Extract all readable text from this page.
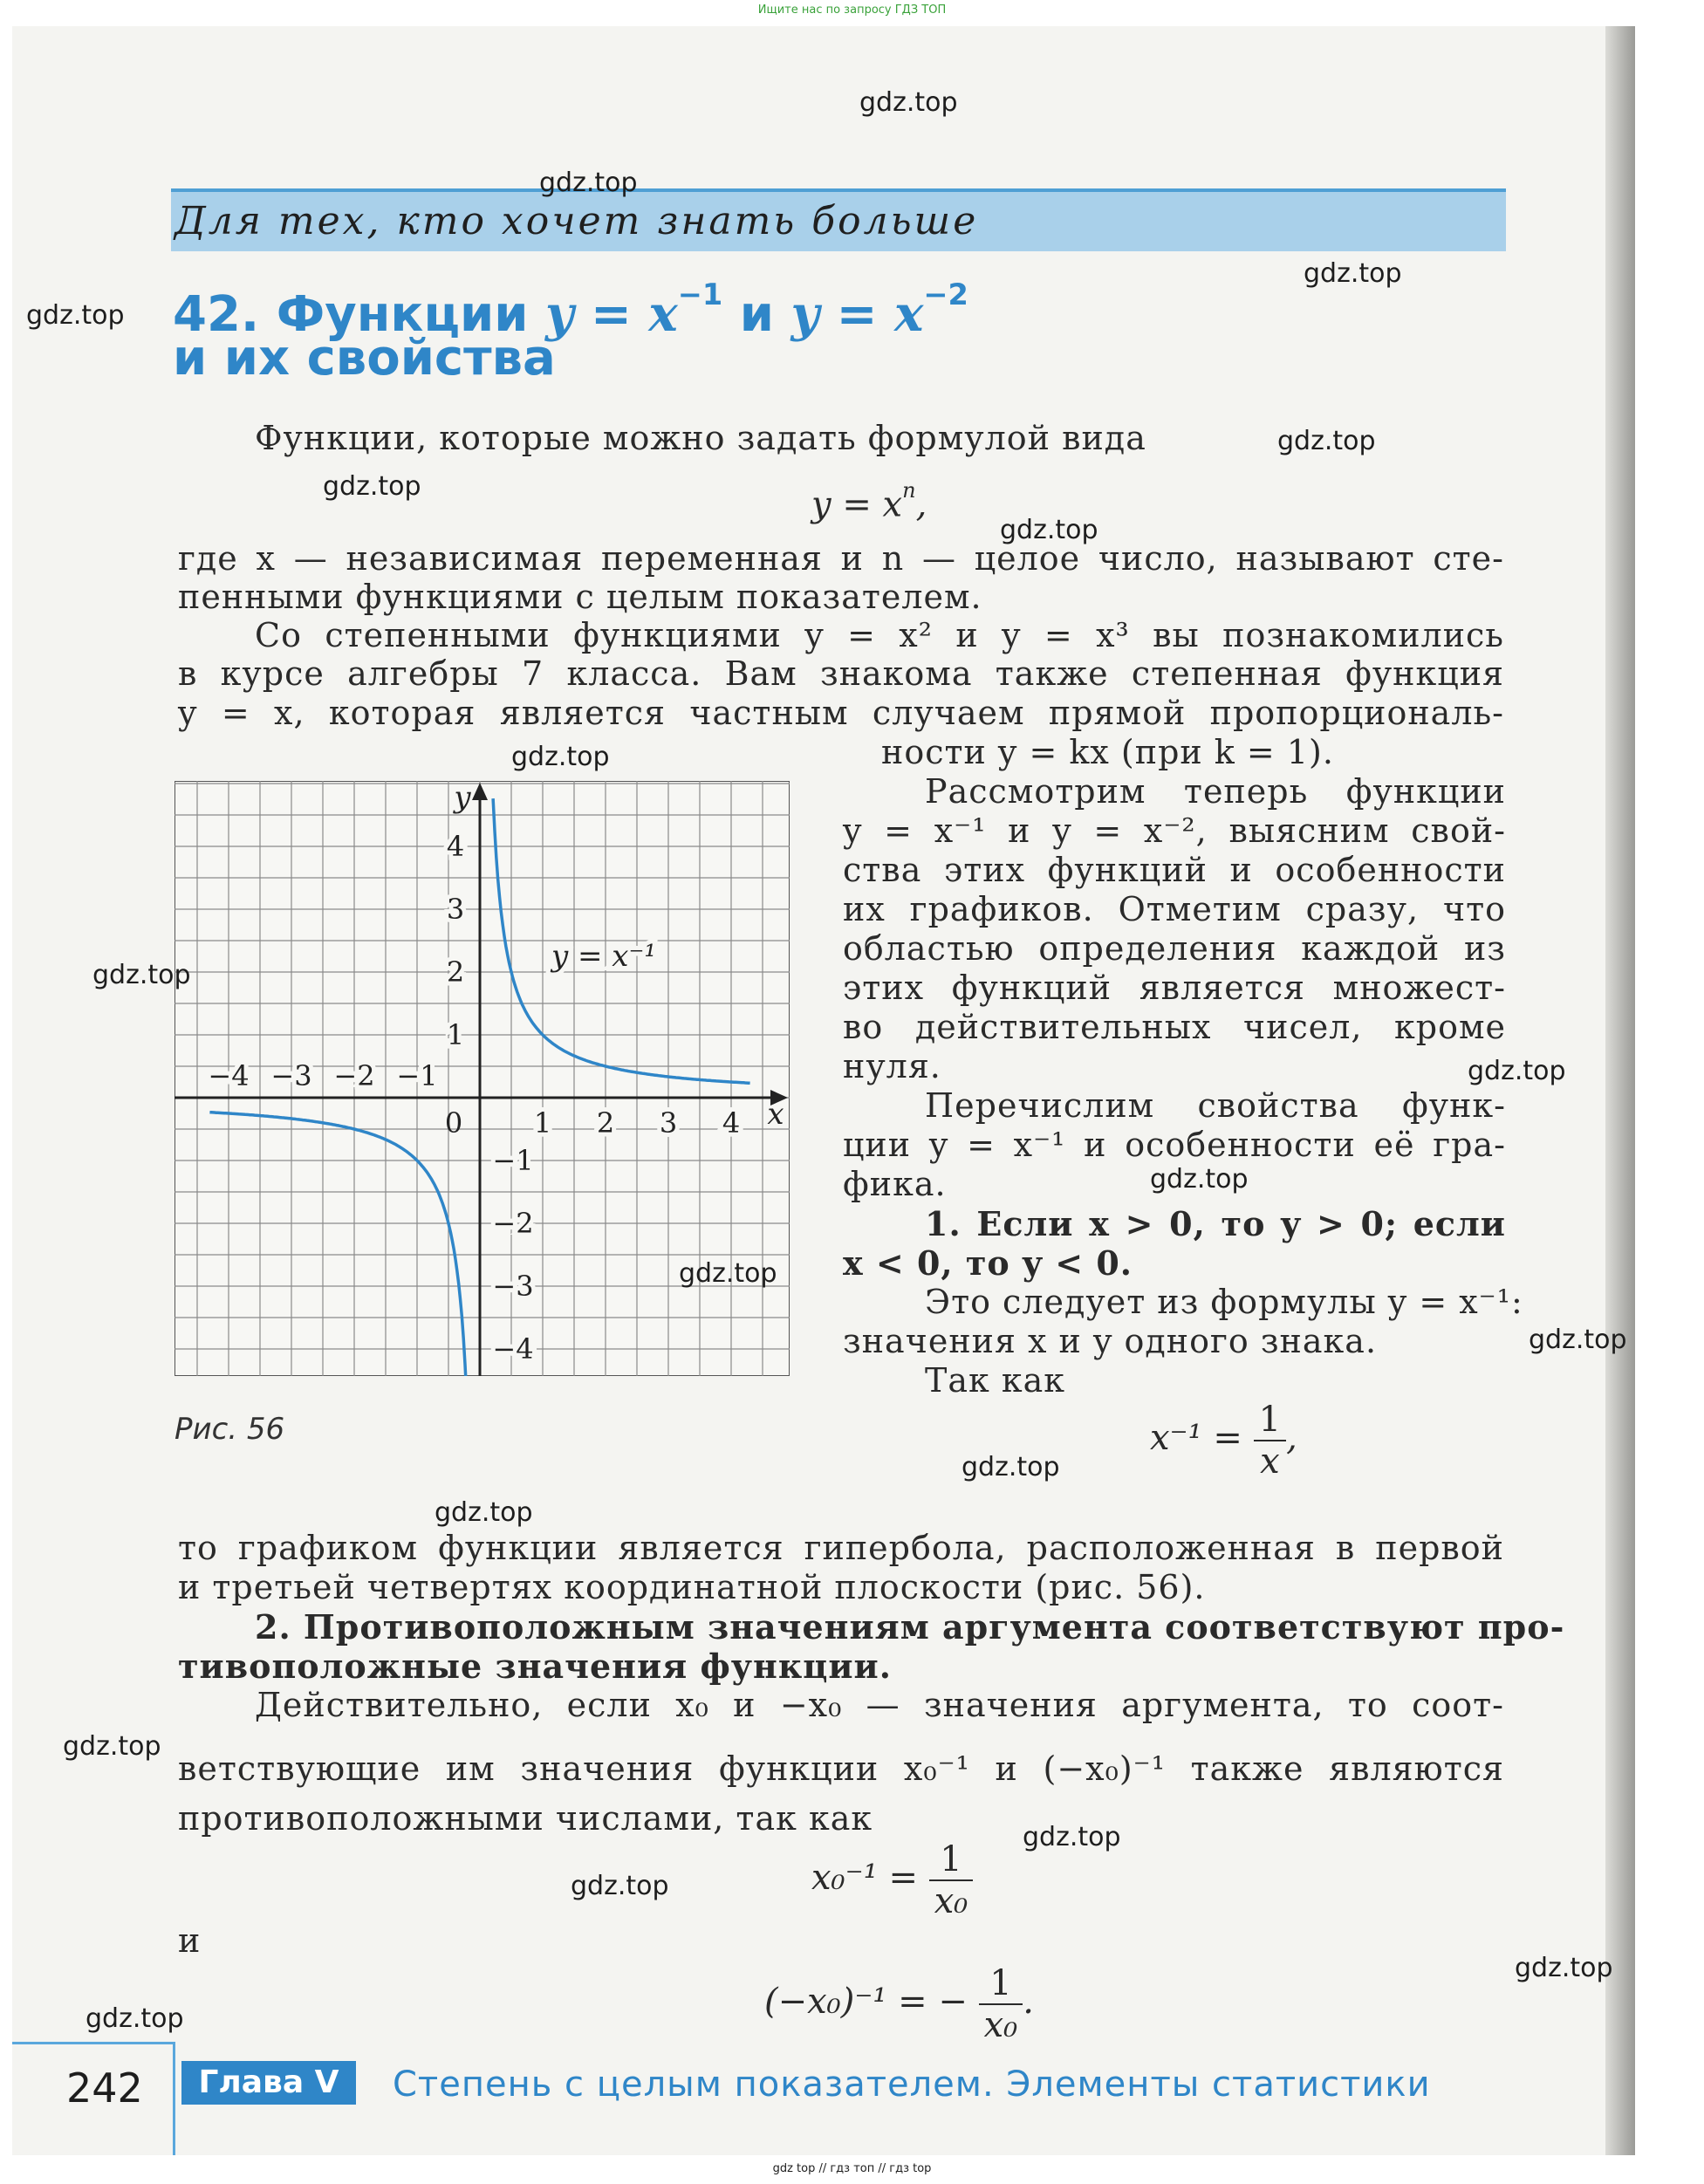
Ищите нас по запросу ГДЗ ТОП
Для тех, кто хочет знать больше
42. Функции $y = x^{-1}$ и $y = x^{-2}$
и их свойства
Функции, которые можно задать формулой вида
$y = x^n$,
где x — независимая переменная и n — целое число, называют сте-
пенными функциями с целым показателем.
Со степенными функциями y = x² и y = x³ вы познакомились
в курсе алгебры 7 класса. Вам знакома также степенная функция
y = x, которая является частным случаем прямой пропорциональ-
ности y = kx (при k = 1).
y
x
0
−4 −3 −2 −1
1 2 3 4
4
3
2
1
−1
−2
−3
−4
y = x⁻¹
Рассмотрим теперь функции
y = x⁻¹ и y = x⁻², выясним свой-
ства этих функций и особенности
их графиков. Отметим сразу, что
областью определения каждой из
этих функций является множест-
во действительных чисел, кроме
нуля.
Перечислим свойства функ-
ции y = x⁻¹ и особенности её гра-
фика.
1. Если x > 0, то y > 0; если
x < 0, то y < 0.
Это следует из формулы y = x⁻¹:
значения x и y одного знака.
Так как
$x^{-1} = \frac{1}{x}$ ,
Рис. 56
то графиком функции является гипербола, расположенная в первой
и третьей четвертях координатной плоскости (рис. 56).
2. Противоположным значениям аргумента соответствуют про-
тивоположные значения функции.
Действительно, если x₀ и −x₀ — значения аргумента, то соот-
ветствующие им значения функции x₀⁻¹ и (−x₀)⁻¹ также являются
противоположными числами, так как
$x_0^{-1} = \frac{1}{\text{x₀}}$
и
(−x₀)⁻¹ = − $\frac{1}{\text{x₀}}$ .
242	Глава V	Степень с целым показателем. Элементы статистики
gdz.top
gdz.top
gdz.top
gdz.top
gdz.top
gdz.top
gdz.top
gdz.top
gdz.top
gdz.top
gdz.top
gdz.top
gdz.top
gdz.top
gdz.top
gdz.top
gdz.top
gdz.top
gdz.top
gdz.top
gdz top // гдз топ // гдз top
